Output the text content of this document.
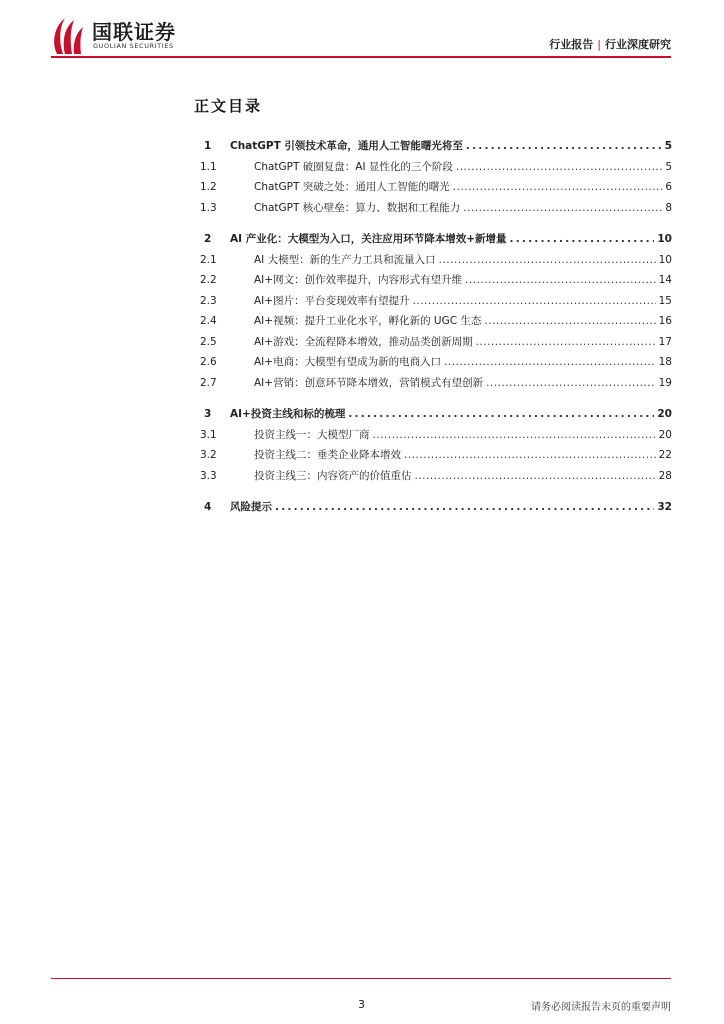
国联证券
GUOLIAN SECURITIES	行业报告 | 行业深度研究
正文目录
1	ChatGPT 引领技术革命，通用人工智能曙光将至 .....	5
1.1	ChatGPT 破圈复盘：AI 显性化的三个阶段 .....	5
1.2	ChatGPT 突破之处：通用人工智能的曙光 .....	6
1.3	ChatGPT 核心壁垒：算力、数据和工程能力 .....	8
2	AI 产业化：大模型为入口，关注应用环节降本增效+新增量 .....	10
2.1	AI 大模型：新的生产力工具和流量入口 .....	10
2.2	AI+网文：创作效率提升，内容形式有望升维 .....	14
2.3	AI+图片：平台变现效率有望提升 .....	15
2.4	AI+视频：提升工业化水平，孵化新的 UGC 生态 .....	16
2.5	AI+游戏：全流程降本增效，推动品类创新周期 .....	17
2.6	AI+电商：大模型有望成为新的电商入口 .....	18
2.7	AI+营销：创意环节降本增效，营销模式有望创新 .....	19
3	AI+投资主线和标的梳理 .....	20
3.1	投资主线一：大模型厂商 .....	20
3.2	投资主线二：垂类企业降本增效 .....	22
3.3	投资主线三：内容资产的价值重估 .....	28
4	风险提示 .....	32
3	请务必阅读报告末页的重要声明
